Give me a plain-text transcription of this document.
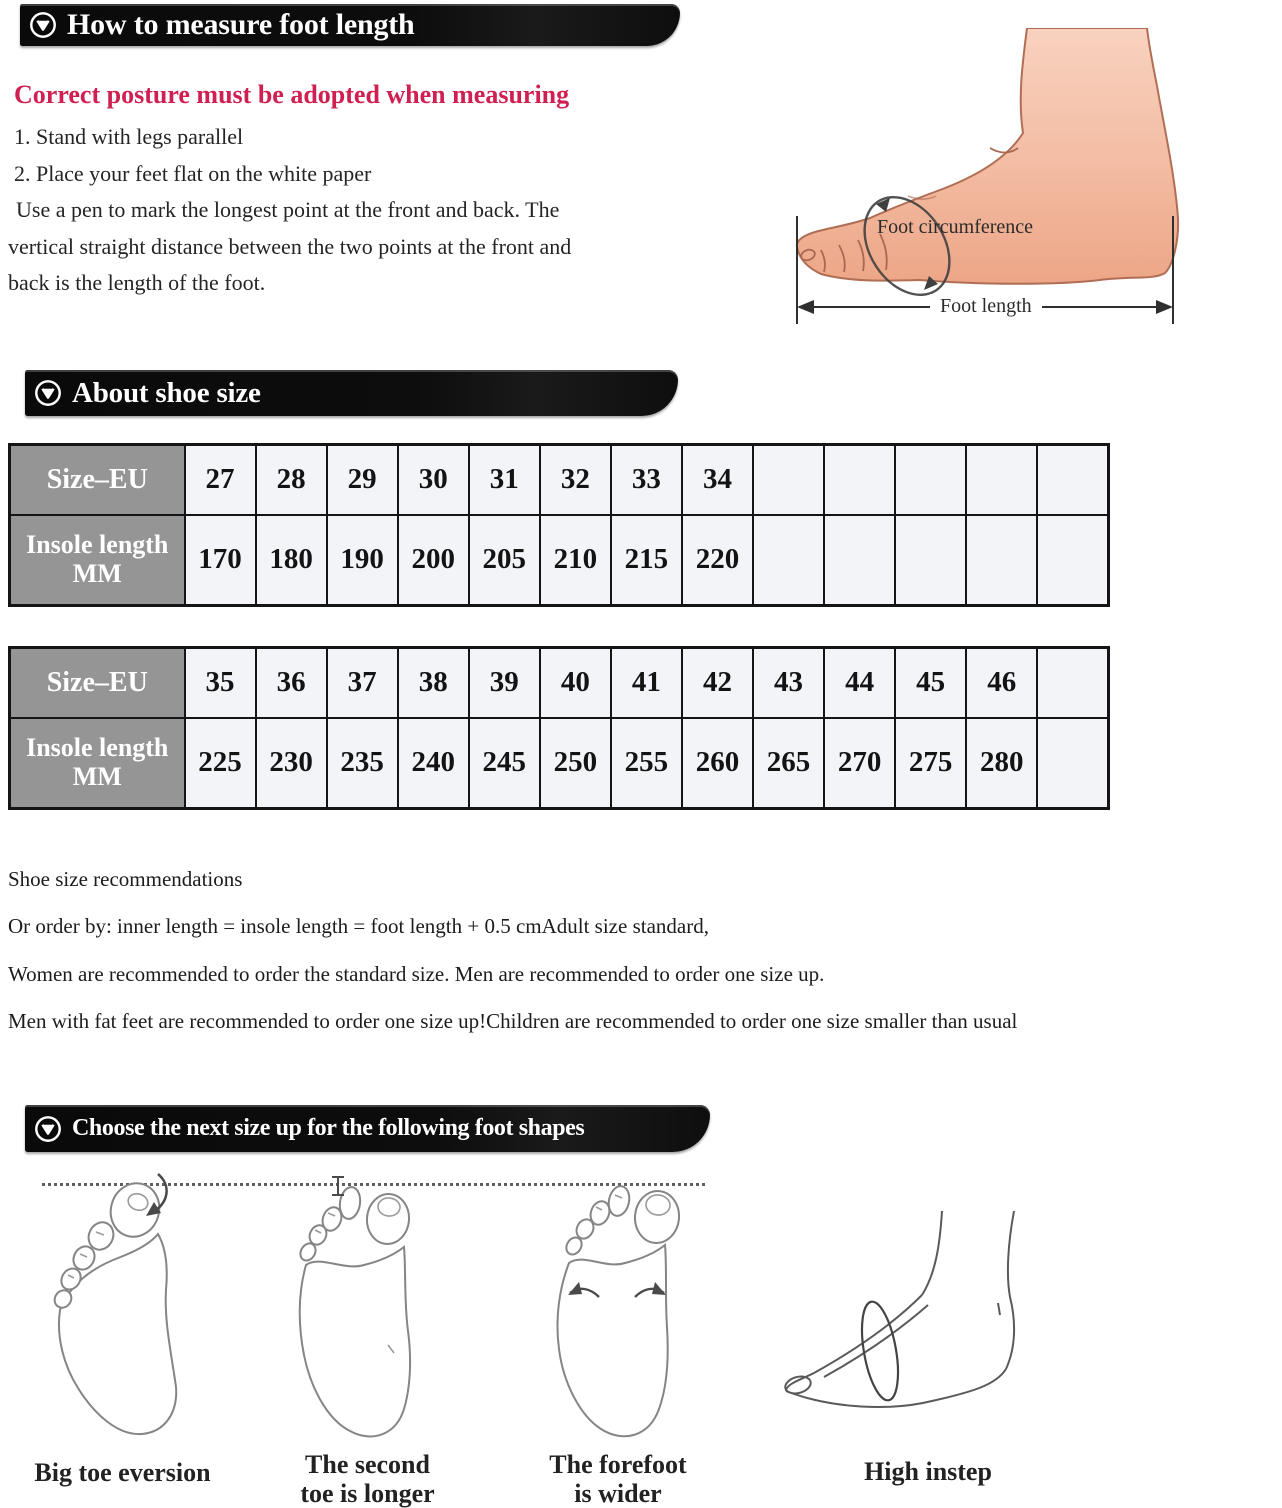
How to measure foot length
Correct posture must be adopted when measuring
1. Stand with legs parallel
2. Place your feet flat on the white paper
Use a pen to mark the longest point at the front and back. The
vertical straight distance between the two points at the front and
back is the length of the foot.
Foot circumference
Foot length
About shoe size
Size–EU	27	28	29	30	31	32	33	34					
Insole length
MM	170	180	190	200	205	210	215	220					
Size–EU	35	36	37	38	39	40	41	42	43	44	45	46	
Insole length
MM	225	230	235	240	245	250	255	260	265	270	275	280	
Shoe size recommendations
Or order by: inner length = insole length = foot length + 0.5 cmAdult size standard,
Women are recommended to order the standard size. Men are recommended to order one size up.
Men with fat feet are recommended to order one size up!Children are recommended to order one size smaller than usual
Choose the next size up for the following foot shapes
Big toe eversion	The second
toe is longer
The forefoot
is wider
High instep
